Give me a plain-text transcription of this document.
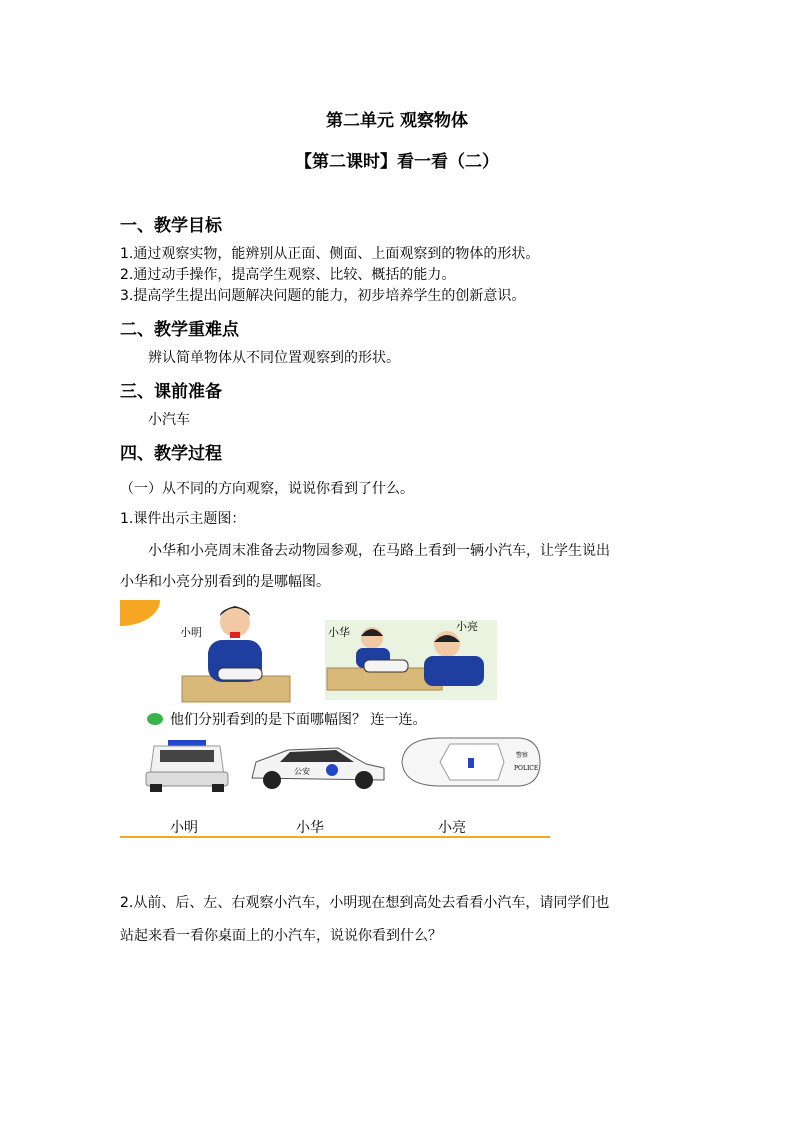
第二单元 观察物体
【第二课时】看一看（二）
一、教学目标
1.通过观察实物，能辨别从正面、侧面、上面观察到的物体的形状。
2.通过动手操作，提高学生观察、比较、概括的能力。
3.提高学生提出问题解决问题的能力，初步培养学生的创新意识。
二、教学重难点
辨认简单物体从不同位置观察到的形状。
三、课前准备
小汽车
四、教学过程
（一）从不同的方向观察，说说你看到了什么。
1.课件出示主题图：
小华和小亮周末准备去动物园参观，在马路上看到一辆小汽车，让学生说出
小华和小亮分别看到的是哪幅图。
小明	小华	小亮
他们分别看到的是下面哪幅图？ 连一连。
公安
警察
POLICE
小明	小华	小亮
2.从前、后、左、右观察小汽车，小明现在想到高处去看看小汽车，请同学们也
站起来看一看你桌面上的小汽车，说说你看到什么？
